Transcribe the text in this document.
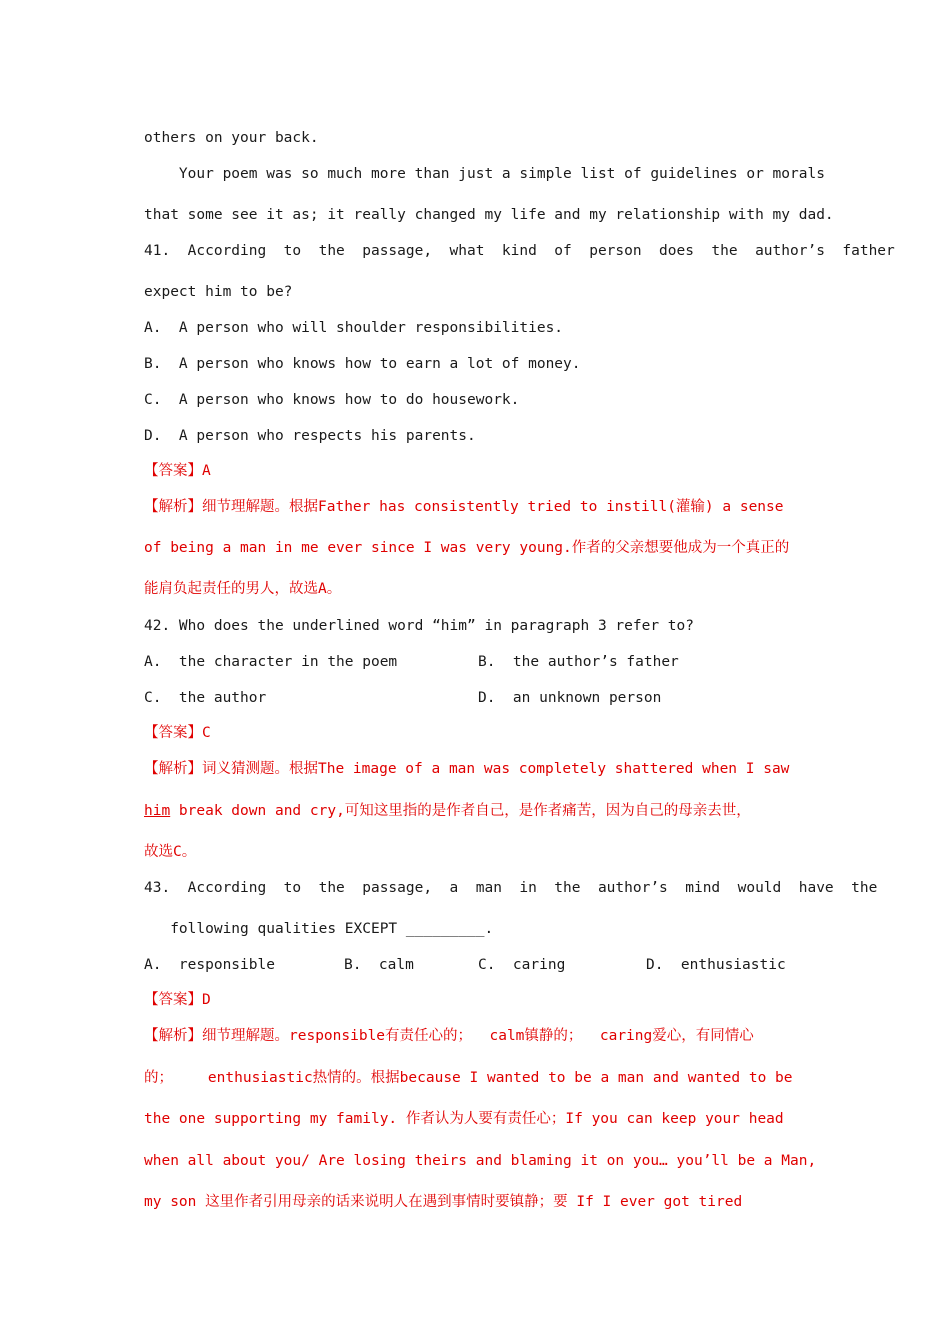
others on your back.
Your poem was so much more than just a simple list of guidelines or morals
that some see it as; it really changed my life and my relationship with my dad.
41.  According  to  the  passage,  what  kind  of  person  does  the  author’s  father
expect him to be?
A.  A person who will shoulder responsibilities.
B.  A person who knows how to earn a lot of money.
C.  A person who knows how to do housework.
D.  A person who respects his parents.
【答案】A
【解析】细节理解题。根据Father has consistently tried to instill(灌输) a sense
of being a man in me ever since I was very young.作者的父亲想要他成为一个真正的
能肩负起责任的男人，故选A。
42. Who does the underlined word “him” in paragraph 3 refer to?
A.  the character in the poem	B.  the author’s father
C.  the author	D.  an unknown person
【答案】C
【解析】词义猜测题。根据The image of a man was completely shattered when I saw
him break down and cry,可知这里指的是作者自己，是作者痛苦，因为自己的母亲去世，
故选C。
43.  According  to  the  passage,  a  man  in  the  author’s  mind  would  have  the
following qualities EXCEPT _________.
A.  responsible	B.  calm	C.  caring	D.  enthusiastic
【答案】D
【解析】细节理解题。responsible有责任心的；  calm镇静的；  caring爱心，有同情心
的；    enthusiastic热情的。根据because I wanted to be a man and wanted to be
the one supporting my family. 作者认为人要有责任心；If you can keep your head
when all about you/ Are losing theirs and blaming it on you… you’ll be a Man,
my son 这里作者引用母亲的话来说明人在遇到事情时要镇静；要 If I ever got tired
